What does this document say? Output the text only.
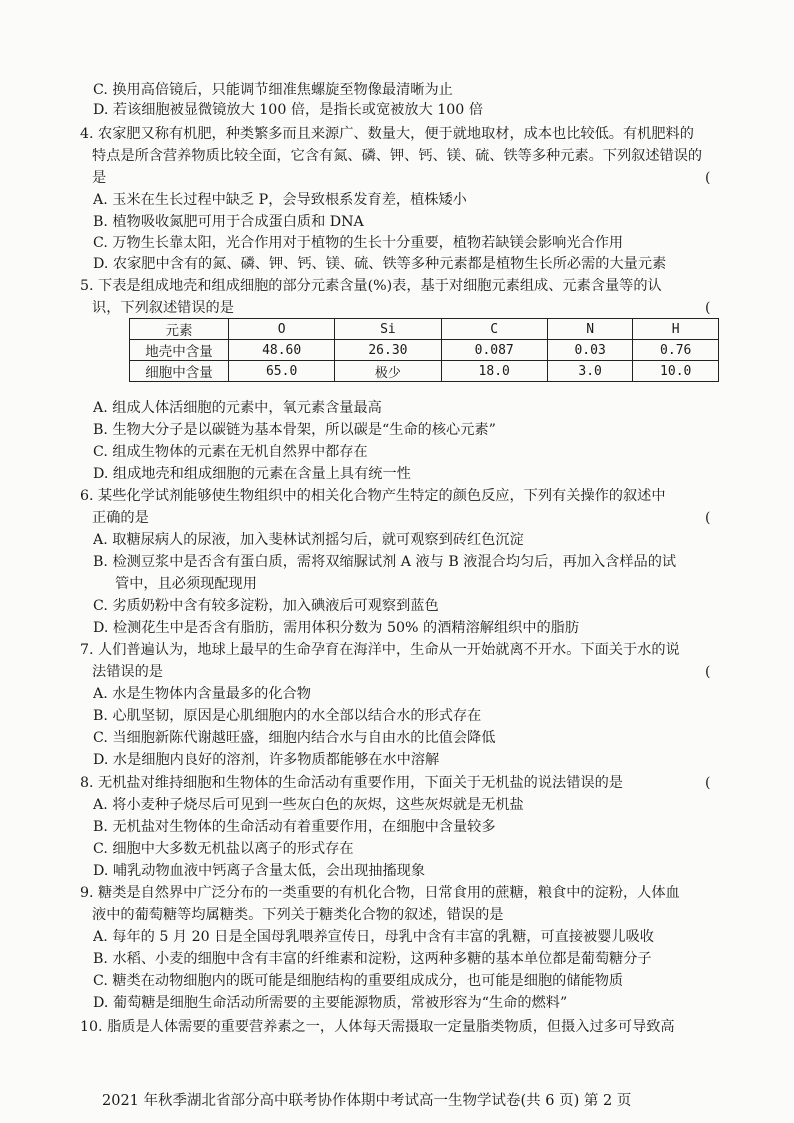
C. 换用高倍镜后，只能调节细准焦螺旋至物像最清晰为止
D. 若该细胞被显微镜放大 100 倍，是指长或宽被放大 100 倍
4. 农家肥又称有机肥，种类繁多而且来源广、数量大，便于就地取材，成本也比较低。有机肥料的
特点是所含营养物质比较全面，它含有氮、磷、钾、钙、镁、硫、铁等多种元素。下列叙述错误的
是
A. 玉米在生长过程中缺乏 P，会导致根系发育差，植株矮小
B. 植物吸收氮肥可用于合成蛋白质和 DNA
C. 万物生长靠太阳，光合作用对于植物的生长十分重要，植物若缺镁会影响光合作用
D. 农家肥中含有的氮、磷、钾、钙、镁、硫、铁等多种元素都是植物生长所必需的大量元素
5. 下表是组成地壳和组成细胞的部分元素含量(%)表，基于对细胞元素组成、元素含量等的认
识，下列叙述错误的是
A. 组成人体活细胞的元素中，氧元素含量最高
B. 生物大分子是以碳链为基本骨架，所以碳是“生命的核心元素”
C. 组成生物体的元素在无机自然界中都存在
D. 组成地壳和组成细胞的元素在含量上具有统一性
6. 某些化学试剂能够使生物组织中的相关化合物产生特定的颜色反应，下列有关操作的叙述中
正确的是
A. 取糖尿病人的尿液，加入斐林试剂摇匀后，就可观察到砖红色沉淀
B. 检测豆浆中是否含有蛋白质，需将双缩脲试剂 A 液与 B 液混合均匀后，再加入含样品的试
管中，且必须现配现用
C. 劣质奶粉中含有较多淀粉，加入碘液后可观察到蓝色
D. 检测花生中是否含有脂肪，需用体积分数为 50% 的酒精溶解组织中的脂肪
7. 人们普遍认为，地球上最早的生命孕育在海洋中，生命从一开始就离不开水。下面关于水的说
法错误的是
A. 水是生物体内含量最多的化合物
B. 心肌坚韧，原因是心肌细胞内的水全部以结合水的形式存在
C. 当细胞新陈代谢越旺盛，细胞内结合水与自由水的比值会降低
D. 水是细胞内良好的溶剂，许多物质都能够在水中溶解
8. 无机盐对维持细胞和生物体的生命活动有重要作用，下面关于无机盐的说法错误的是
A. 将小麦种子烧尽后可见到一些灰白色的灰烬，这些灰烬就是无机盐
B. 无机盐对生物体的生命活动有着重要作用，在细胞中含量较多
C. 细胞中大多数无机盐以离子的形式存在
D. 哺乳动物血液中钙离子含量太低，会出现抽搐现象
9. 糖类是自然界中广泛分布的一类重要的有机化合物，日常食用的蔗糖，粮食中的淀粉，人体血
液中的葡萄糖等均属糖类。下列关于糖类化合物的叙述，错误的是
A. 每年的 5 月 20 日是全国母乳喂养宣传日，母乳中含有丰富的乳糖，可直接被婴儿吸收
B. 水稻、小麦的细胞中含有丰富的纤维素和淀粉，这两种多糖的基本单位都是葡萄糖分子
C. 糖类在动物细胞内的既可能是细胞结构的重要组成成分，也可能是细胞的储能物质
D. 葡萄糖是细胞生命活动所需要的主要能源物质，常被形容为“生命的燃料”
10. 脂质是人体需要的重要营养素之一，人体每天需摄取一定量脂类物质，但摄入过多可导致高
(
(
(
(
(
元素	O	Si	C	N	H
地壳中含量	48.60	26.30	0.087	0.03	0.76
细胞中含量	65.0	极少	18.0	3.0	10.0
2021 年秋季湖北省部分高中联考协作体期中考试高一生物学试卷(共 6 页) 第 2 页
